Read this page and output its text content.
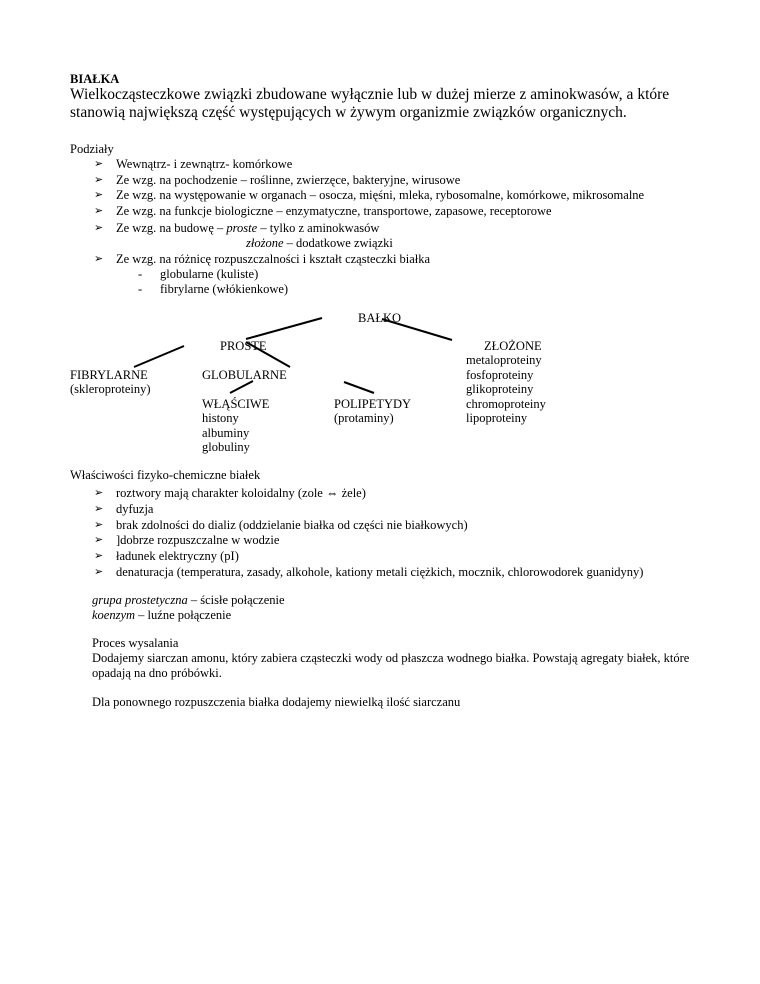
BIAŁKA
Wielkocząsteczkowe związki zbudowane wyłącznie lub w dużej mierze z aminokwasów, a które
stanowią największą część występujących w żywym organizmie związków organicznych.
Podziały
➢ Wewnątrz- i zewnątrz- komórkowe
➢ Ze wzg. na pochodzenie – roślinne, zwierzęce, bakteryjne, wirusowe
➢ Ze wzg. na występowanie w organach – osocza, mięśni, mleka, rybosomalne, komórkowe, mikrosomalne
➢ Ze wzg. na funkcje biologiczne – enzymatyczne, transportowe, zapasowe, receptorowe
➢ Ze wzg. na budowę – proste – tylko z aminokwasów
złożone – dodatkowe związki
➢ Ze wzg. na różnicę rozpuszczalności i kształt cząsteczki białka
- globularne (kuliste)
- fibrylarne (włókienkowe)
BAŁKO
PROSTE	ZŁOŻONE
FIBRYLARNE
(skleroproteiny)
GLOBULARNE
WŁĄŚCIWE
histony
albuminy
globuliny
POLIPETYDY
(protaminy)
metaloproteiny
fosfoproteiny
glikoproteiny
chromoproteiny
lipoproteiny
Właściwości fizyko-chemiczne białek
➢ roztwory mają charakter koloidalny (zole ⇔ żele)
➢ dyfuzja
➢ brak zdolności do dializ (oddzielanie białka od części nie białkowych)
➢ ]dobrze rozpuszczalne w wodzie
➢ ładunek elektryczny (pI)
➢ denaturacja (temperatura, zasady, alkohole, kationy metali ciężkich, mocznik, chlorowodorek guanidyny)
grupa prostetyczna – ścisłe połączenie
koenzym – luźne połączenie
Proces wysalania
Dodajemy siarczan amonu, który zabiera cząsteczki wody od płaszcza wodnego białka. Powstają agregaty białek, które
opadają na dno próbówki.
Dla ponownego rozpuszczenia białka dodajemy niewielką ilość siarczanu
